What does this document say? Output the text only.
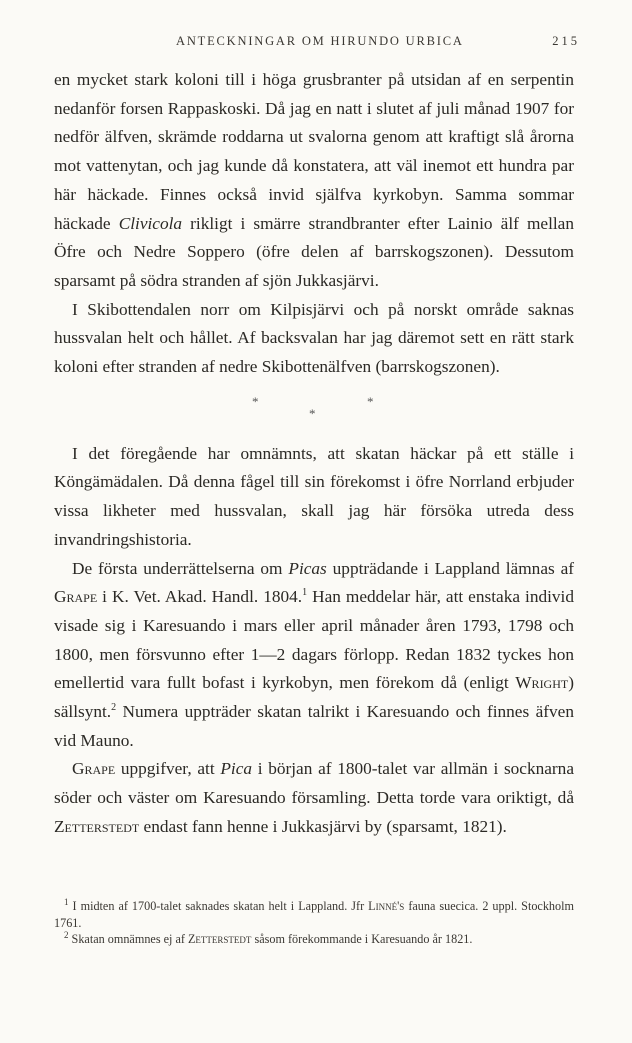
ANTECKNINGAR OM HIRUNDO URBICA	215

en mycket stark koloni till i höga grusbranter på utsidan af en serpentin nedanför forsen Rappaskoski. Då jag en natt i slutet af juli månad 1907 for nedför älfven, skrämde roddarna ut svalorna genom att kraftigt slå årorna mot vattenytan, och jag kunde då konstatera, att väl inemot ett hundra par här häckade. Finnes också invid själfva kyrkobyn. Samma sommar häckade Clivicola rikligt i smärre strandbranter efter Lainio älf mellan Öfre och Nedre Soppero (öfre delen af barrskogszonen). Dessutom sparsamt på södra stranden af sjön Jukkasjärvi.

I Skibottendalen norr om Kilpisjärvi och på norskt område saknas hussvalan helt och hållet. Af backsvalan har jag däremot sett en rätt stark koloni efter stranden af nedre Skibottenälfven (barrskogszonen).

*	*
*

I det föregående har omnämnts, att skatan häckar på ett ställe i Köngämädalen. Då denna fågel till sin förekomst i öfre Norrland erbjuder vissa likheter med hussvalan, skall jag här försöka utreda dess invandringshistoria.

De första underrättelserna om Picas uppträdande i Lappland lämnas af Grape i K. Vet. Akad. Handl. 1804.$^1$ Han meddelar här, att enstaka individ visade sig i Karesuando i mars eller april månader åren 1793, 1798 och 1800, men försvunno efter 1—2 dagars förlopp. Redan 1832 tyckes hon emellertid vara fullt bofast i kyrkobyn, men förekom då (enligt Wright) sällsynt.$^2$ Numera uppträder skatan talrikt i Karesuando och finnes äfven vid Mauno.

Grape uppgifver, att Pica i början af 1800-talet var allmän i socknarna söder och väster om Karesuando församling. Detta torde vara oriktigt, då Zetterstedt endast fann henne i Jukkasjärvi by (sparsamt, 1821).

$^1$ I midten af 1700-talet saknades skatan helt i Lappland. Jfr Linné's fauna suecica. 2 uppl. Stockholm 1761.

$^2$ Skatan omnämnes ej af Zetterstedt såsom förekommande i Karesuando år 1821.
